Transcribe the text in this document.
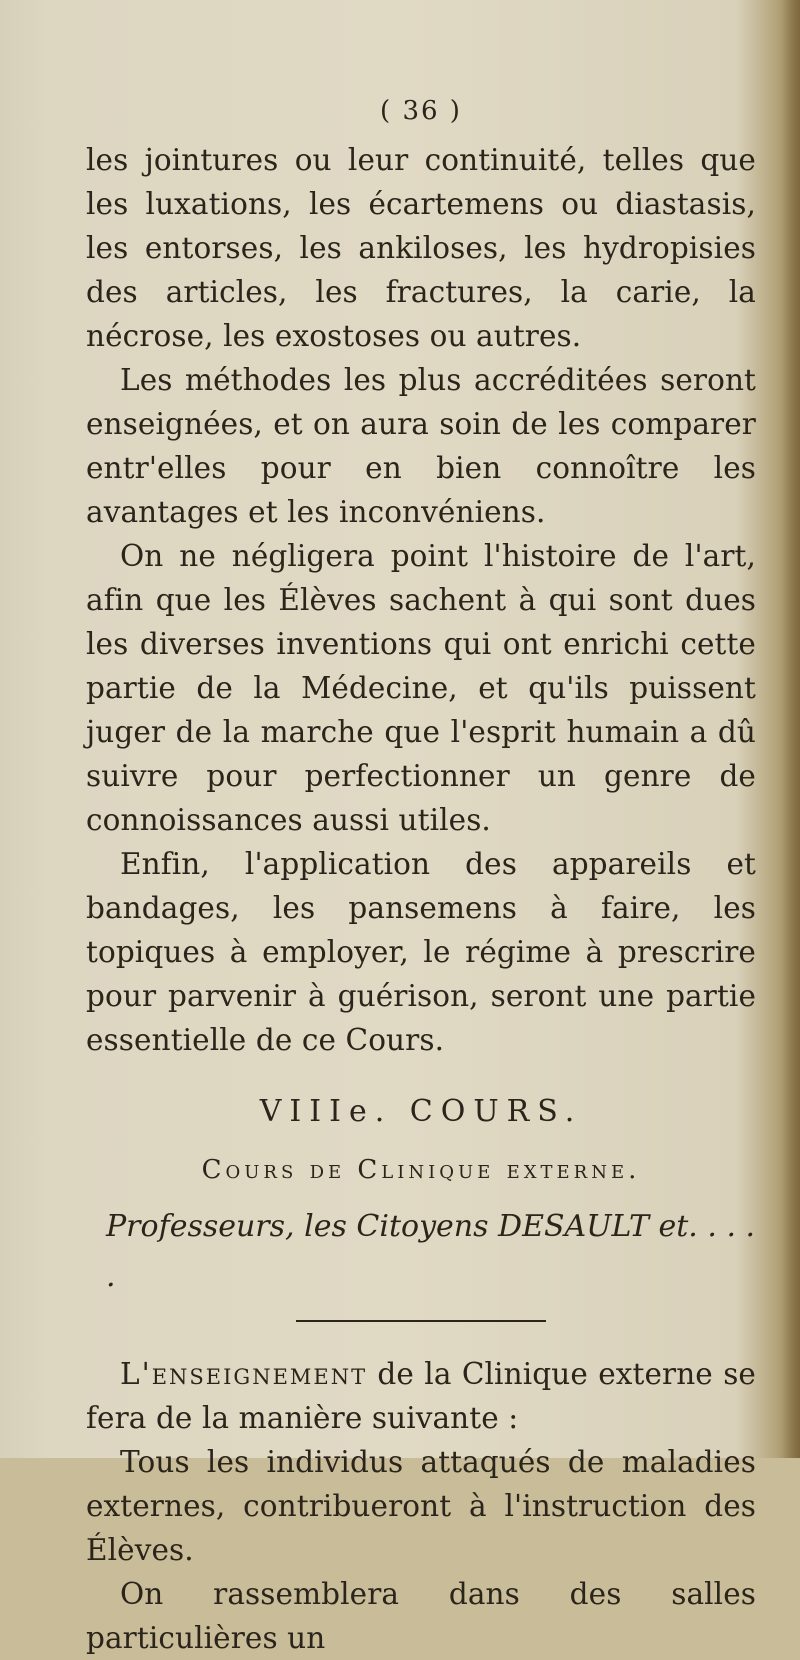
( 36 )

les jointures ou leur continuité, telles que les luxations, les écartemens ou diastasis, les entorses, les ankiloses, les hydropisies des articles, les fractures, la carie, la nécrose, les exostoses ou autres.

Les méthodes les plus accréditées seront enseignées, et on aura soin de les comparer entr'elles pour en bien connoître les avantages et les inconvéniens.

On ne négligera point l'histoire de l'art, afin que les Élèves sachent à qui sont dues les diverses inventions qui ont enrichi cette partie de la Médecine, et qu'ils puissent juger de la marche que l'esprit humain a dû suivre pour perfectionner un genre de connoissances aussi utiles.

Enfin, l'application des appareils et bandages, les pansemens à faire, les topiques à employer, le régime à prescrire pour parvenir à guérison, seront une partie essentielle de ce Cours.

VIIIe. COURS.
Cours de Clinique externe.
Professeurs, les Citoyens DESAULT et. . . . .

L'enseignement de la Clinique externe se fera de la manière suivante :

Tous les individus attaqués de maladies externes, contribueront à l'instruction des Élèves.

On rassemblera dans des salles particulières un
